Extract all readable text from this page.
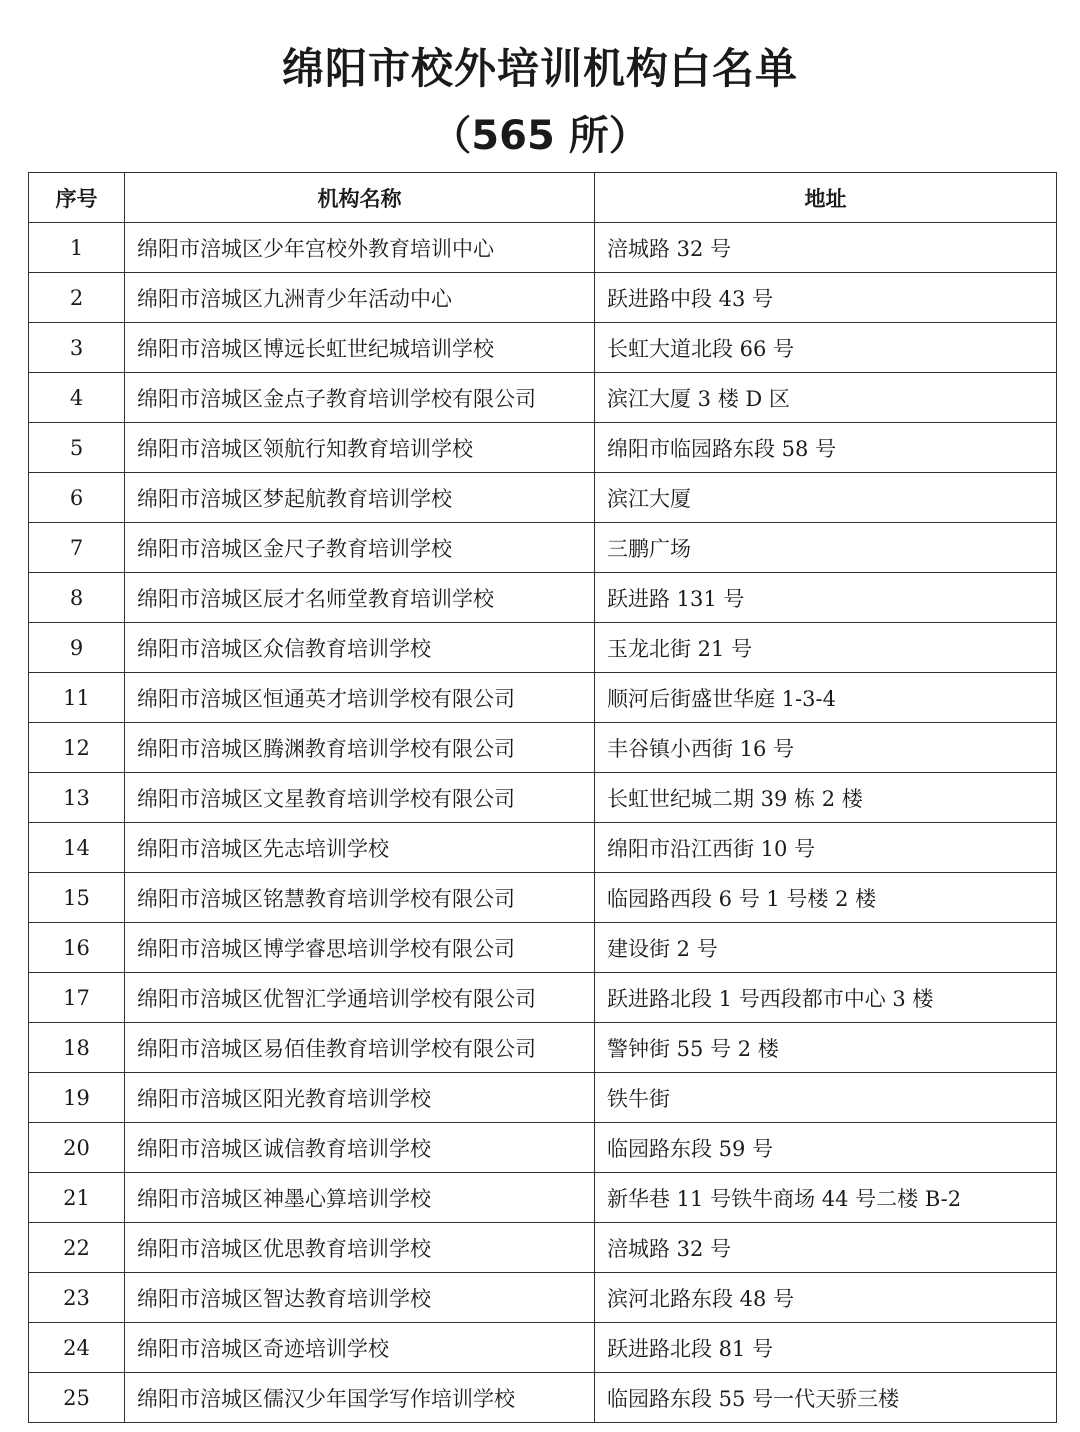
绵阳市校外培训机构白名单
（565 所）
序号	机构名称	地址
1	绵阳市涪城区少年宫校外教育培训中心	涪城路 32 号
2	绵阳市涪城区九洲青少年活动中心	跃进路中段 43 号
3	绵阳市涪城区博远长虹世纪城培训学校	长虹大道北段 66 号
4	绵阳市涪城区金点子教育培训学校有限公司	滨江大厦 3 楼 D 区
5	绵阳市涪城区领航行知教育培训学校	绵阳市临园路东段 58 号
6	绵阳市涪城区梦起航教育培训学校	滨江大厦
7	绵阳市涪城区金尺子教育培训学校	三鹏广场
8	绵阳市涪城区辰才名师堂教育培训学校	跃进路 131 号
9	绵阳市涪城区众信教育培训学校	玉龙北街 21 号
11	绵阳市涪城区恒通英才培训学校有限公司	顺河后街盛世华庭 1-3-4
12	绵阳市涪城区腾渊教育培训学校有限公司	丰谷镇小西街 16 号
13	绵阳市涪城区文星教育培训学校有限公司	长虹世纪城二期 39 栋 2 楼
14	绵阳市涪城区先志培训学校	绵阳市沿江西街 10 号
15	绵阳市涪城区铭慧教育培训学校有限公司	临园路西段 6 号 1 号楼 2 楼
16	绵阳市涪城区博学睿思培训学校有限公司	建设街 2 号
17	绵阳市涪城区优智汇学通培训学校有限公司	跃进路北段 1 号西段都市中心 3 楼
18	绵阳市涪城区易佰佳教育培训学校有限公司	警钟街 55 号 2 楼
19	绵阳市涪城区阳光教育培训学校	铁牛街
20	绵阳市涪城区诚信教育培训学校	临园路东段 59 号
21	绵阳市涪城区神墨心算培训学校	新华巷 11 号铁牛商场 44 号二楼 B-2
22	绵阳市涪城区优思教育培训学校	涪城路 32 号
23	绵阳市涪城区智达教育培训学校	滨河北路东段 48 号
24	绵阳市涪城区奇迹培训学校	跃进路北段 81 号
25	绵阳市涪城区儒汉少年国学写作培训学校	临园路东段 55 号一代天骄三楼
